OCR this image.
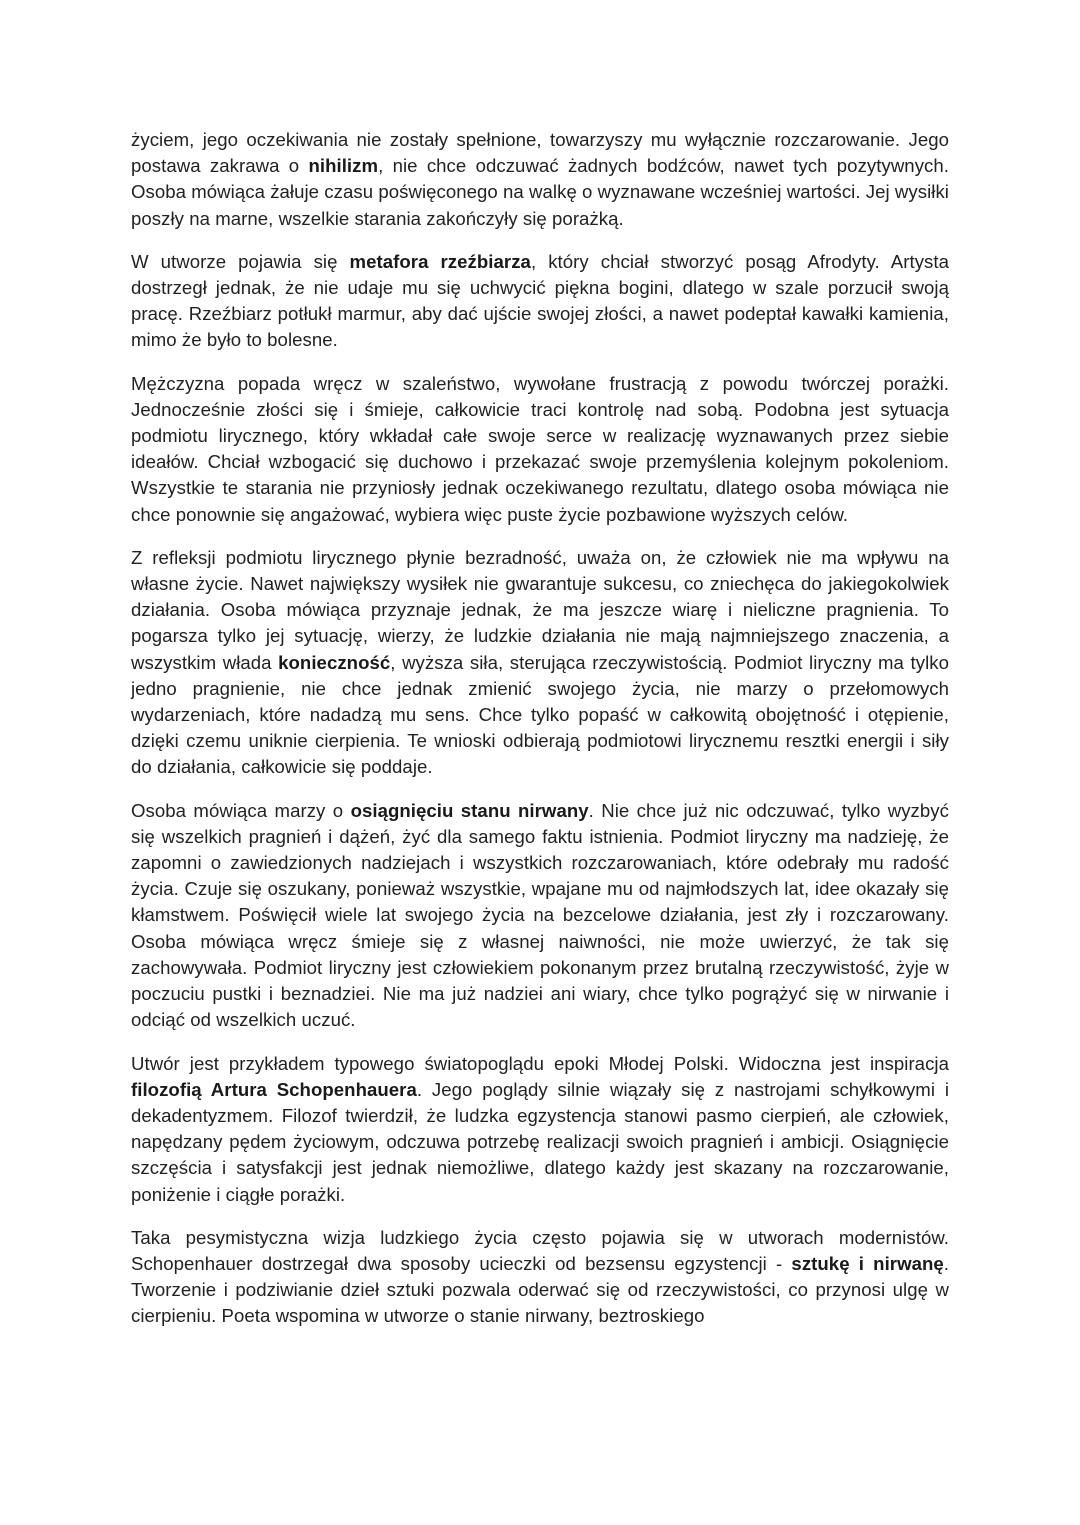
życiem, jego oczekiwania nie zostały spełnione, towarzyszy mu wyłącznie rozczarowanie. Jego postawa zakrawa o nihilizm, nie chce odczuwać żadnych bodźców, nawet tych pozytywnych. Osoba mówiąca żałuje czasu poświęconego na walkę o wyznawane wcześniej wartości. Jej wysiłki poszły na marne, wszelkie starania zakończyły się porażką.

W utworze pojawia się metafora rzeźbiarza, który chciał stworzyć posąg Afrodyty. Artysta dostrzegł jednak, że nie udaje mu się uchwycić piękna bogini, dlatego w szale porzucił swoją pracę. Rzeźbiarz potłukł marmur, aby dać ujście swojej złości, a nawet podeptał kawałki kamienia, mimo że było to bolesne.

Mężczyzna popada wręcz w szaleństwo, wywołane frustracją z powodu twórczej porażki. Jednocześnie złości się i śmieje, całkowicie traci kontrolę nad sobą. Podobna jest sytuacja podmiotu lirycznego, który wkładał całe swoje serce w realizację wyznawanych przez siebie ideałów. Chciał wzbogacić się duchowo i przekazać swoje przemyślenia kolejnym pokoleniom. Wszystkie te starania nie przyniosły jednak oczekiwanego rezultatu, dlatego osoba mówiąca nie chce ponownie się angażować, wybiera więc puste życie pozbawione wyższych celów.

Z refleksji podmiotu lirycznego płynie bezradność, uważa on, że człowiek nie ma wpływu na własne życie. Nawet największy wysiłek nie gwarantuje sukcesu, co zniechęca do jakiegokolwiek działania. Osoba mówiąca przyznaje jednak, że ma jeszcze wiarę i nieliczne pragnienia. To pogarsza tylko jej sytuację, wierzy, że ludzkie działania nie mają najmniejszego znaczenia, a wszystkim włada konieczność, wyższa siła, sterująca rzeczywistością. Podmiot liryczny ma tylko jedno pragnienie, nie chce jednak zmienić swojego życia, nie marzy o przełomowych wydarzeniach, które nadadzą mu sens. Chce tylko popaść w całkowitą obojętność i otępienie, dzięki czemu uniknie cierpienia. Te wnioski odbierają podmiotowi lirycznemu resztki energii i siły do działania, całkowicie się poddaje.

Osoba mówiąca marzy o osiągnięciu stanu nirwany. Nie chce już nic odczuwać, tylko wyzbyć się wszelkich pragnień i dążeń, żyć dla samego faktu istnienia. Podmiot liryczny ma nadzieję, że zapomni o zawiedzionych nadziejach i wszystkich rozczarowaniach, które odebrały mu radość życia. Czuje się oszukany, ponieważ wszystkie, wpajane mu od najmłodszych lat, idee okazały się kłamstwem. Poświęcił wiele lat swojego życia na bezcelowe działania, jest zły i rozczarowany. Osoba mówiąca wręcz śmieje się z własnej naiwności, nie może uwierzyć, że tak się zachowywała. Podmiot liryczny jest człowiekiem pokonanym przez brutalną rzeczywistość, żyje w poczuciu pustki i beznadziei. Nie ma już nadziei ani wiary, chce tylko pogrążyć się w nirwanie i odciąć od wszelkich uczuć.

Utwór jest przykładem typowego światopoglądu epoki Młodej Polski. Widoczna jest inspiracja filozofią Artura Schopenhauera. Jego poglądy silnie wiązały się z nastrojami schyłkowymi i dekadentyzmem. Filozof twierdził, że ludzka egzystencja stanowi pasmo cierpień, ale człowiek, napędzany pędem życiowym, odczuwa potrzebę realizacji swoich pragnień i ambicji. Osiągnięcie szczęścia i satysfakcji jest jednak niemożliwe, dlatego każdy jest skazany na rozczarowanie, poniżenie i ciągłe porażki.

Taka pesymistyczna wizja ludzkiego życia często pojawia się w utworach modernistów. Schopenhauer dostrzegał dwa sposoby ucieczki od bezsensu egzystencji - sztukę i nirwanę. Tworzenie i podziwianie dzieł sztuki pozwala oderwać się od rzeczywistości, co przynosi ulgę w cierpieniu. Poeta wspomina w utworze o stanie nirwany, beztroskiego
